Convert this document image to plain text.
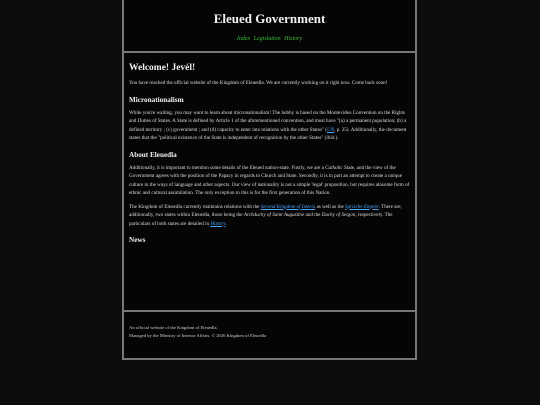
Eleued Government
Index Legislation History
Welcome! Jevél!

You have reached the official website of the Kingdom of Eleuedla. We are currently working on it right now. Come back soon!

Micronationalism

While you're waiting, you may want to learn about micronationalism! The hobby is based on the Montevideo Convention on the Rights and Duties of States. A State is defined by Article 1 of the aforementioned convention, and must have "(a) a permanent population; (b) a defined territory ; (c) government ; and (d) capacity to enter into relations with the other States" (UN, p. 25). Additionally, the document states that the "political existence of the State is independent of recognition by the other States" (ibid.).

About Eleuedla

Additionally, it is important to mention some details of the Eleued nation-state. Firstly, we are a Catholic State, and the view of the Government agrees with the position of the Papacy in regards to Church and State. Secondly, it is in part an attempt to create a unique culture in the ways of language and other aspects. Our view of nationality is not a simple 'legal' proposition, but requires alosome form of ethnic and cultural assimilation. The only exception to this is for the first generation of this Nation.

The Kingdom of Eleuedla currently maintains relations with the Second Kingdom of Isteria as well as the Sprische Empire. There are, additionally, two states within Eleuedla, those being the Archduchy of Saint Augustine and the Duchy of Seigon, respectively. The particulars of both states are detailed in History.

News

An official website of the Kingdom of Eleuedla.

Managed by the Ministry of Interior Affairs. © 2026 Kingdom of Eleuedla
